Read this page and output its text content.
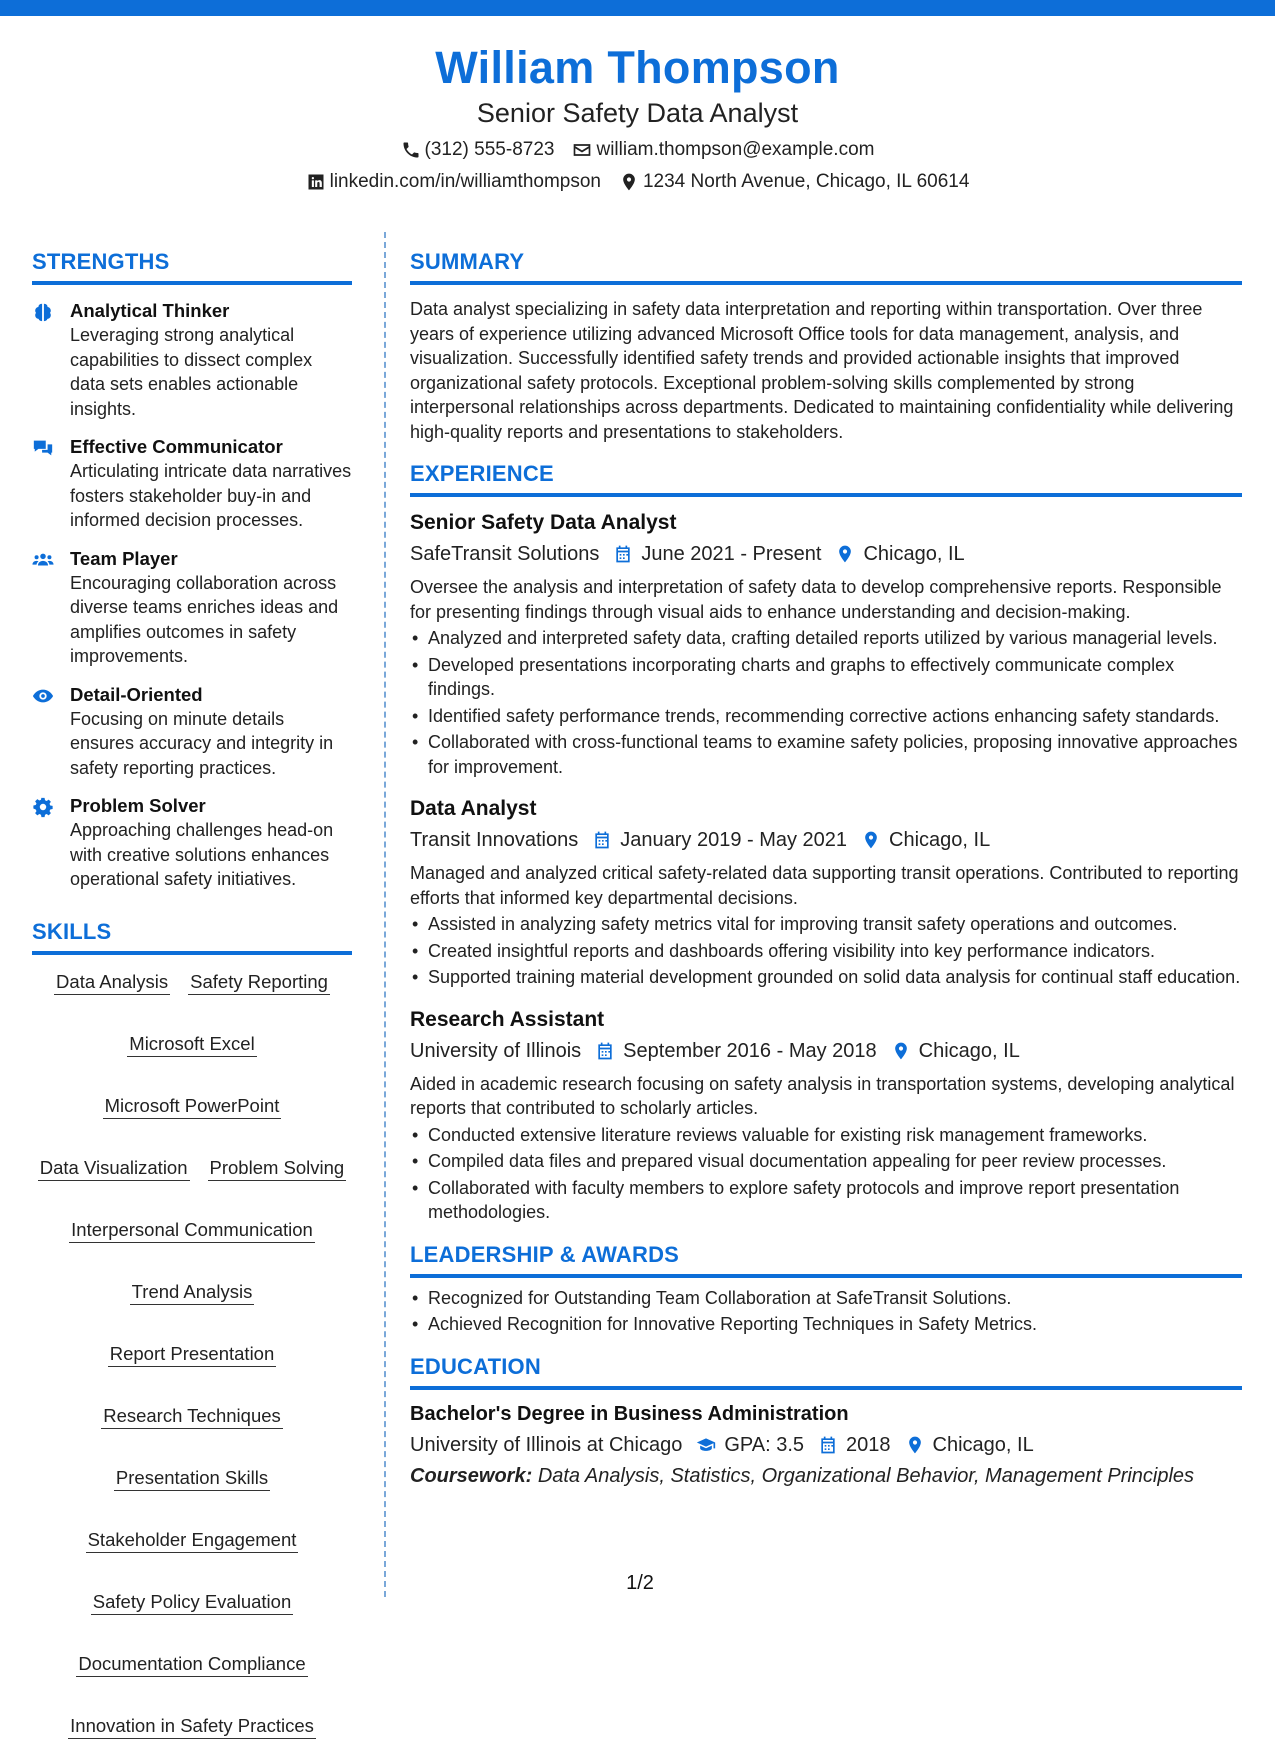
William Thompson
Senior Safety Data Analyst
(312) 555-8723 william.thompson@example.com
linkedin.com/in/williamthompson 1234 North Avenue, Chicago, IL 60614
STRENGTHS
Analytical Thinker
Leveraging strong analytical capabilities to dissect complex data sets enables actionable insights.
Effective Communicator
Articulating intricate data narratives fosters stakeholder buy-in and informed decision processes.
Team Player
Encouraging collaboration across diverse teams enriches ideas and amplifies outcomes in safety improvements.
Detail-Oriented
Focusing on minute details ensures accuracy and integrity in safety reporting practices.
Problem Solver
Approaching challenges head-on with creative solutions enhances operational safety initiatives.
SKILLS
Data Analysis Safety Reporting
Microsoft Excel
Microsoft PowerPoint
Data Visualization Problem Solving
Interpersonal Communication
Trend Analysis
Report Presentation
Research Techniques
Presentation Skills
Stakeholder Engagement
Safety Policy Evaluation
Documentation Compliance
Innovation in Safety Practices
SUMMARY
Data analyst specializing in safety data interpretation and reporting within transportation. Over three years of experience utilizing advanced Microsoft Office tools for data management, analysis, and visualization. Successfully identified safety trends and provided actionable insights that improved organizational safety protocols. Exceptional problem-solving skills complemented by strong interpersonal relationships across departments. Dedicated to maintaining confidentiality while delivering high-quality reports and presentations to stakeholders.
EXPERIENCE
Senior Safety Data Analyst
SafeTransit Solutions June 2021 - Present Chicago, IL
Oversee the analysis and interpretation of safety data to develop comprehensive reports. Responsible for presenting findings through visual aids to enhance understanding and decision-making.
• Analyzed and interpreted safety data, crafting detailed reports utilized by various managerial levels.
• Developed presentations incorporating charts and graphs to effectively communicate complex findings.
• Identified safety performance trends, recommending corrective actions enhancing safety standards.
• Collaborated with cross-functional teams to examine safety policies, proposing innovative approaches for improvement.
Data Analyst
Transit Innovations January 2019 - May 2021 Chicago, IL
Managed and analyzed critical safety-related data supporting transit operations. Contributed to reporting efforts that informed key departmental decisions.
• Assisted in analyzing safety metrics vital for improving transit safety operations and outcomes.
• Created insightful reports and dashboards offering visibility into key performance indicators.
• Supported training material development grounded on solid data analysis for continual staff education.
Research Assistant
University of Illinois September 2016 - May 2018 Chicago, IL
Aided in academic research focusing on safety analysis in transportation systems, developing analytical reports that contributed to scholarly articles.
• Conducted extensive literature reviews valuable for existing risk management frameworks.
• Compiled data files and prepared visual documentation appealing for peer review processes.
• Collaborated with faculty members to explore safety protocols and improve report presentation methodologies.
LEADERSHIP & AWARDS
• Recognized for Outstanding Team Collaboration at SafeTransit Solutions.
• Achieved Recognition for Innovative Reporting Techniques in Safety Metrics.
EDUCATION
Bachelor's Degree in Business Administration
University of Illinois at Chicago GPA: 3.5 2018 Chicago, IL
Coursework: Data Analysis, Statistics, Organizational Behavior, Management Principles
1/2
